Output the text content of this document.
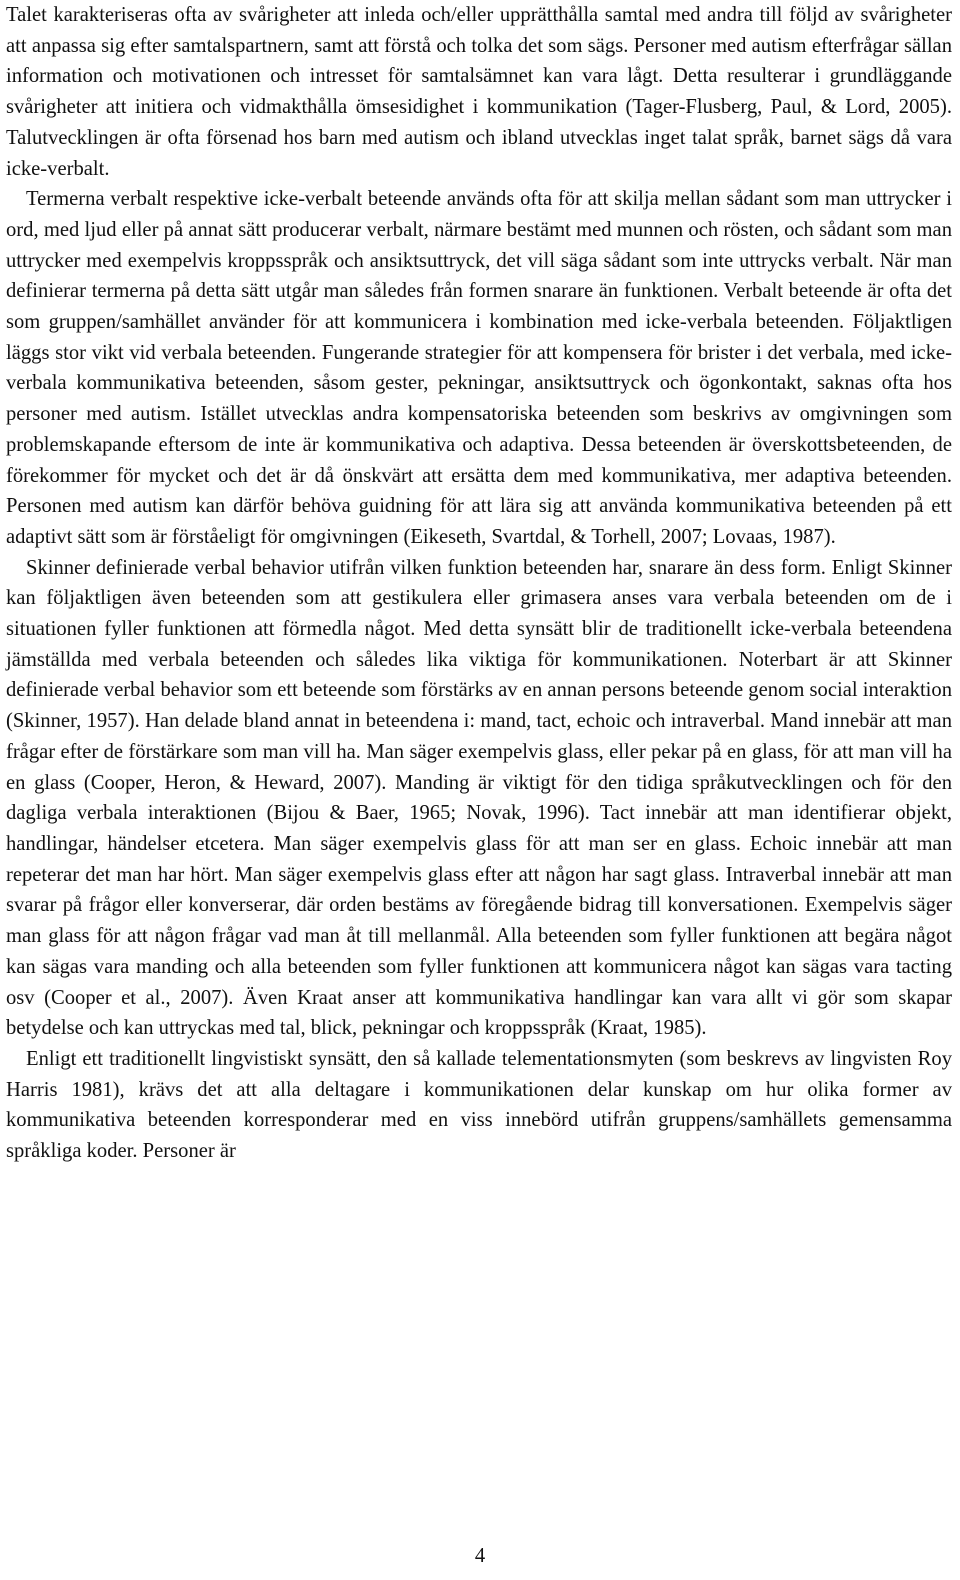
Talet karakteriseras ofta av svårigheter att inleda och/eller upprätthålla samtal med andra till följd av svårigheter att anpassa sig efter samtalspartnern, samt att förstå och tolka det som sägs. Personer med autism efterfrågar sällan information och motivationen och intresset för samtalsämnet kan vara lågt. Detta resulterar i grundläggande svårigheter att initiera och vidmakthålla ömsesidighet i kommunikation (Tager-Flusberg, Paul, & Lord, 2005). Talutvecklingen är ofta försenad hos barn med autism och ibland utvecklas inget talat språk, barnet sägs då vara icke-verbalt.

Termerna verbalt respektive icke-verbalt beteende används ofta för att skilja mellan sådant som man uttrycker i ord, med ljud eller på annat sätt producerar verbalt, närmare bestämt med munnen och rösten, och sådant som man uttrycker med exempelvis kroppsspråk och ansiktsuttryck, det vill säga sådant som inte uttrycks verbalt. När man definierar termerna på detta sätt utgår man således från formen snarare än funktionen. Verbalt beteende är ofta det som gruppen/samhället använder för att kommunicera i kombination med icke-verbala beteenden. Följaktligen läggs stor vikt vid verbala beteenden. Fungerande strategier för att kompensera för brister i det verbala, med icke-verbala kommunikativa beteenden, såsom gester, pekningar, ansiktsuttryck och ögonkontakt, saknas ofta hos personer med autism. Istället utvecklas andra kompensatoriska beteenden som beskrivs av omgivningen som problemskapande eftersom de inte är kommunikativa och adaptiva. Dessa beteenden är överskottsbeteenden, de förekommer för mycket och det är då önskvärt att ersätta dem med kommunikativa, mer adaptiva beteenden. Personen med autism kan därför behöva guidning för att lära sig att använda kommunikativa beteenden på ett adaptivt sätt som är förståeligt för omgivningen (Eikeseth, Svartdal, & Torhell, 2007; Lovaas, 1987).

Skinner definierade verbal behavior utifrån vilken funktion beteenden har, snarare än dess form. Enligt Skinner kan följaktligen även beteenden som att gestikulera eller grimasera anses vara verbala beteenden om de i situationen fyller funktionen att förmedla något. Med detta synsätt blir de traditionellt icke-verbala beteendena jämställda med verbala beteenden och således lika viktiga för kommunikationen. Noterbart är att Skinner definierade verbal behavior som ett beteende som förstärks av en annan persons beteende genom social interaktion (Skinner, 1957). Han delade bland annat in beteendena i: mand, tact, echoic och intraverbal. Mand innebär att man frågar efter de förstärkare som man vill ha. Man säger exempelvis glass, eller pekar på en glass, för att man vill ha en glass (Cooper, Heron, & Heward, 2007). Manding är viktigt för den tidiga språkutvecklingen och för den dagliga verbala interaktionen (Bijou & Baer, 1965; Novak, 1996). Tact innebär att man identifierar objekt, handlingar, händelser etcetera. Man säger exempelvis glass för att man ser en glass. Echoic innebär att man repeterar det man har hört. Man säger exempelvis glass efter att någon har sagt glass. Intraverbal innebär att man svarar på frågor eller konverserar, där orden bestäms av föregående bidrag till konversationen. Exempelvis säger man glass för att någon frågar vad man åt till mellanmål. Alla beteenden som fyller funktionen att begära något kan sägas vara manding och alla beteenden som fyller funktionen att kommunicera något kan sägas vara tacting osv (Cooper et al., 2007). Även Kraat anser att kommunikativa handlingar kan vara allt vi gör som skapar betydelse och kan uttryckas med tal, blick, pekningar och kroppsspråk (Kraat, 1985).

Enligt ett traditionellt lingvistiskt synsätt, den så kallade telementationsmyten (som beskrevs av lingvisten Roy Harris 1981), krävs det att alla deltagare i kommunikationen delar kunskap om hur olika former av kommunikativa beteenden korresponderar med en viss innebörd utifrån gruppens/samhällets gemensamma språkliga koder. Personer är

4
